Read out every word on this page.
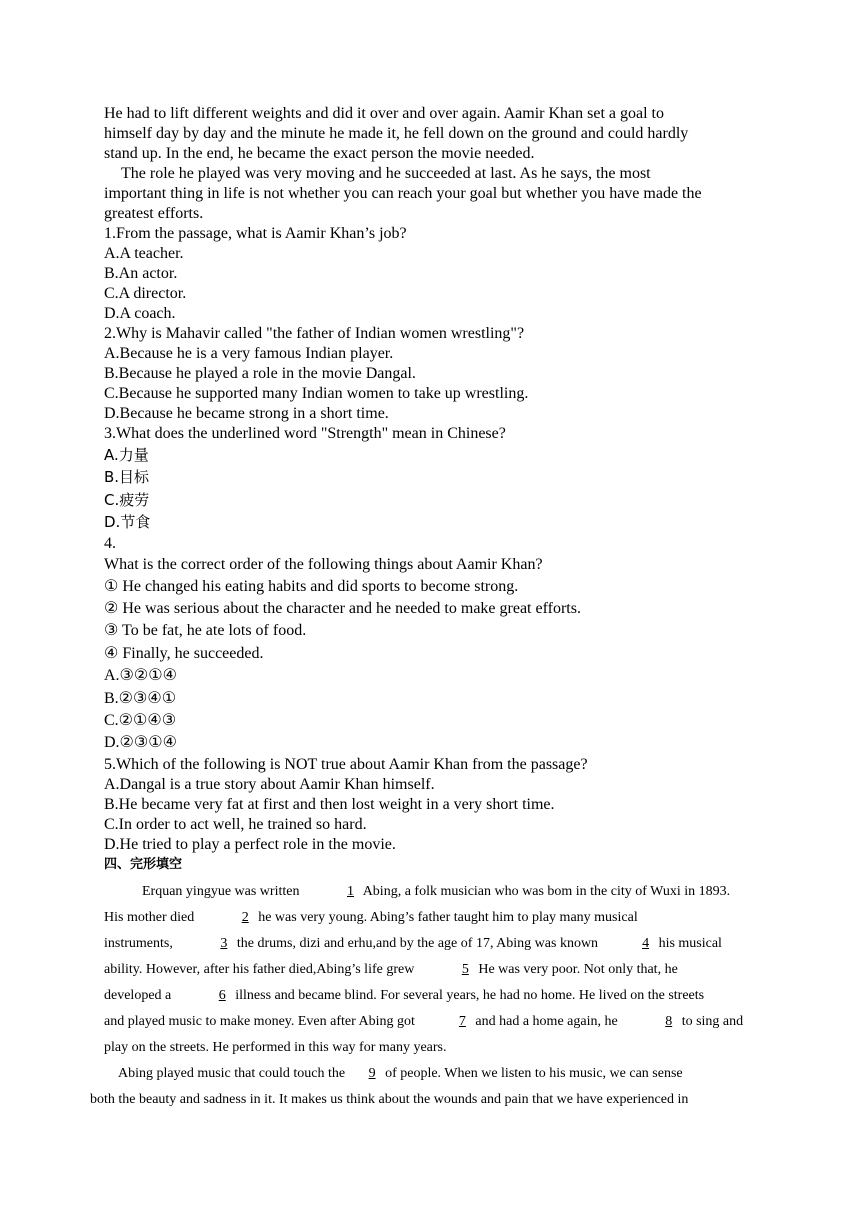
He had to lift different weights and did it over and over again. Aamir Khan set a goal to
himself day by day and the minute he made it, he fell down on the ground and could hardly
stand up. In the end, he became the exact person the movie needed.

The role he played was very moving and he succeeded at last. As he says, the most
important thing in life is not whether you can reach your goal but whether you have made the
greatest efforts.

1.From the passage, what is Aamir Khan’s job?

A.A teacher.

B.An actor.

C.A director.

D.A coach.

2.Why is Mahavir called "the father of Indian women wrestling"?

A.Because he is a very famous Indian player.

B.Because he played a role in the movie Dangal.

C.Because he supported many Indian women to take up wrestling.

D.Because he became strong in a short time.

3.What does the underlined word "Strength" mean in Chinese?

A.力量

B.目标

C.疲劳

D.节食

4.

What is the correct order of the following things about Aamir Khan?

① He changed his eating habits and did sports to become strong.

② He was serious about the character and he needed to make great efforts.

③ To be fat, he ate lots of food.

④ Finally, he succeeded.

A.③②①④

B.②③④①

C.②①④③

D.②③①④

5.Which of the following is NOT true about Aamir Khan from the passage?

A.Dangal is a true story about Aamir Khan himself.

B.He became very fat at first and then lost weight in a very short time.

C.In order to act well, he trained so hard.

D.He tried to play a perfect role in the movie.

四、完形填空

Erquan yingyue was written	1 Abing, a folk musician who was bom in the city of Wuxi in 1893.
His mother died	2 he was very young. Abing’s father taught him to play many musical
instruments,	3 the drums, dizi and erhu,and by the age of 17, Abing was known	4 his musical
ability. However, after his father died,Abing’s life grew	5 He was very poor. Not only that, he
developed a	6 illness and became blind. For several years, he had no home. He lived on the streets
and played music to make money. Even after Abing got	7 and had a home again, he	8 to sing and
play on the streets. He performed in this way for many years.

Abing played music that could touch the 9 of people. When we listen to his music, we can sense
both the beauty and sadness in it. It makes us think about the wounds and pain that we have experienced in
